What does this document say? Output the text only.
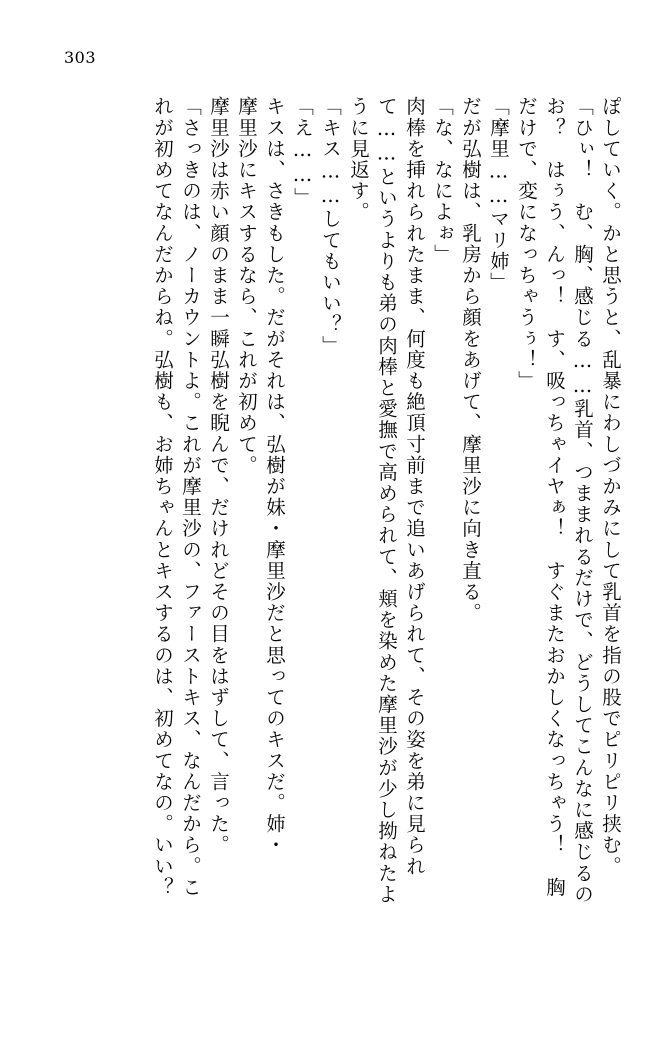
303
ぽしていく。かと思うと、乱暴にわしづかみにして乳首を指の股でピリピリ挟む。
「ひぃ！　む、胸、感じる……乳首、つままれるだけで、どうしてこんなに感じるの
お？　はぅう、んっ！　す、吸っちゃイヤぁ！　すぐまたおかしくなっちゃう！　胸
だけで、変になっちゃうぅ！」
「摩里……マリ姉」
だが弘樹は、乳房から顔をあげて、摩里沙に向き直る。
「な、なによぉ」
肉棒を挿れられたまま、何度も絶頂寸前まで追いあげられて、その姿を弟に見られ
て……というよりも弟の肉棒と愛撫で高められて、頬を染めた摩里沙が少し拗ねたよ
うに見返す。
「キス……してもいい？」
「え……」
キスは、さきもした。だがそれは、弘樹が妹・摩里沙だと思ってのキスだ。姉・
摩里沙にキスするなら、これが初めて。
摩里沙は赤い顔のまま一瞬弘樹を睨んで、だけれどその目をはずして、言った。
「さっきのは、ノーカウントよ。これが摩里沙の、ファーストキス、なんだから。こ
れが初めてなんだからね。弘樹も、お姉ちゃんとキスするのは、初めてなの。いい？
